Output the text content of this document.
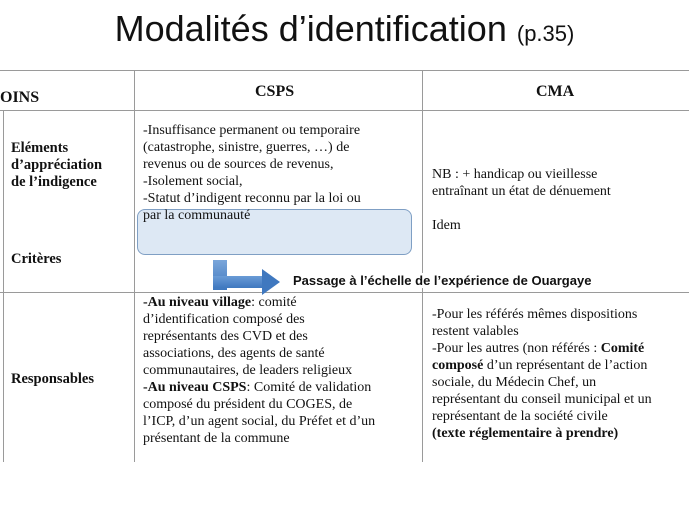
Modalités d’identification (p.35)
OINS	CSPS	CMA
Eléments
d’appréciation
de l’indigence
Critères

-Insuffisance permanent ou temporaire

(catastrophe, sinistre, guerres, …) de

revenus ou de sources de revenus,

-Isolement social,

-Statut d’indigent reconnu par la loi ou

par la communauté

NB : + handicap ou vieillesse

entraînant un état de dénuement

Idem

Passage à l’échelle de l’expérience de Ouargaye
Responsables

-Au niveau village: comité

d’identification composé des

représentants des CVD et des

associations, des agents de santé

communautaires, de leaders religieux

-Au niveau CSPS: Comité de validation

composé du président du COGES, de

l’ICP, d’un agent social, du Préfet et d’un

présentant de la commune

-Pour les référés mêmes dispositions

restent valables

-Pour les autres (non référés : Comité

composé d’un représentant de l’action

sociale, du Médecin Chef, un

représentant du conseil municipal et un

représentant de la société civile

(texte réglementaire à prendre)
